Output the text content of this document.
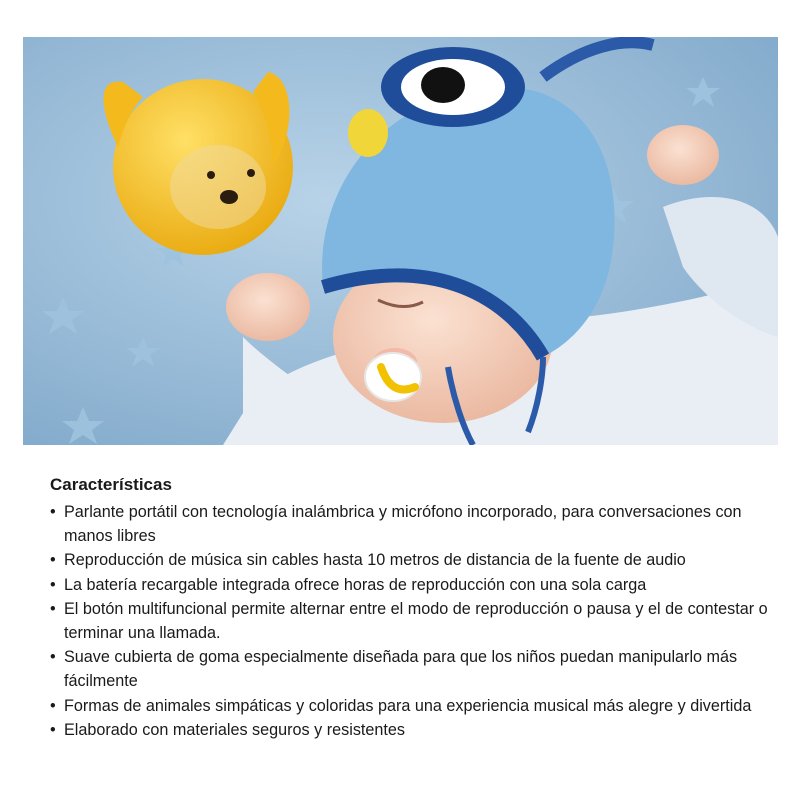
Características
• Parlante portátil con tecnología inalámbrica y micrófono incorporado, para conversaciones con manos libres
• Reproducción de música sin cables hasta 10 metros de distancia de la fuente de audio
• La batería recargable integrada ofrece horas de reproducción con una sola carga
• El botón multifuncional permite alternar entre el modo de reproducción o pausa y el de contestar o terminar una llamada.
• Suave cubierta de goma especialmente diseñada para que los niños puedan manipularlo más fácilmente
• Formas de animales simpáticas y coloridas para una experiencia musical más alegre y divertida
• Elaborado con materiales seguros y resistentes
